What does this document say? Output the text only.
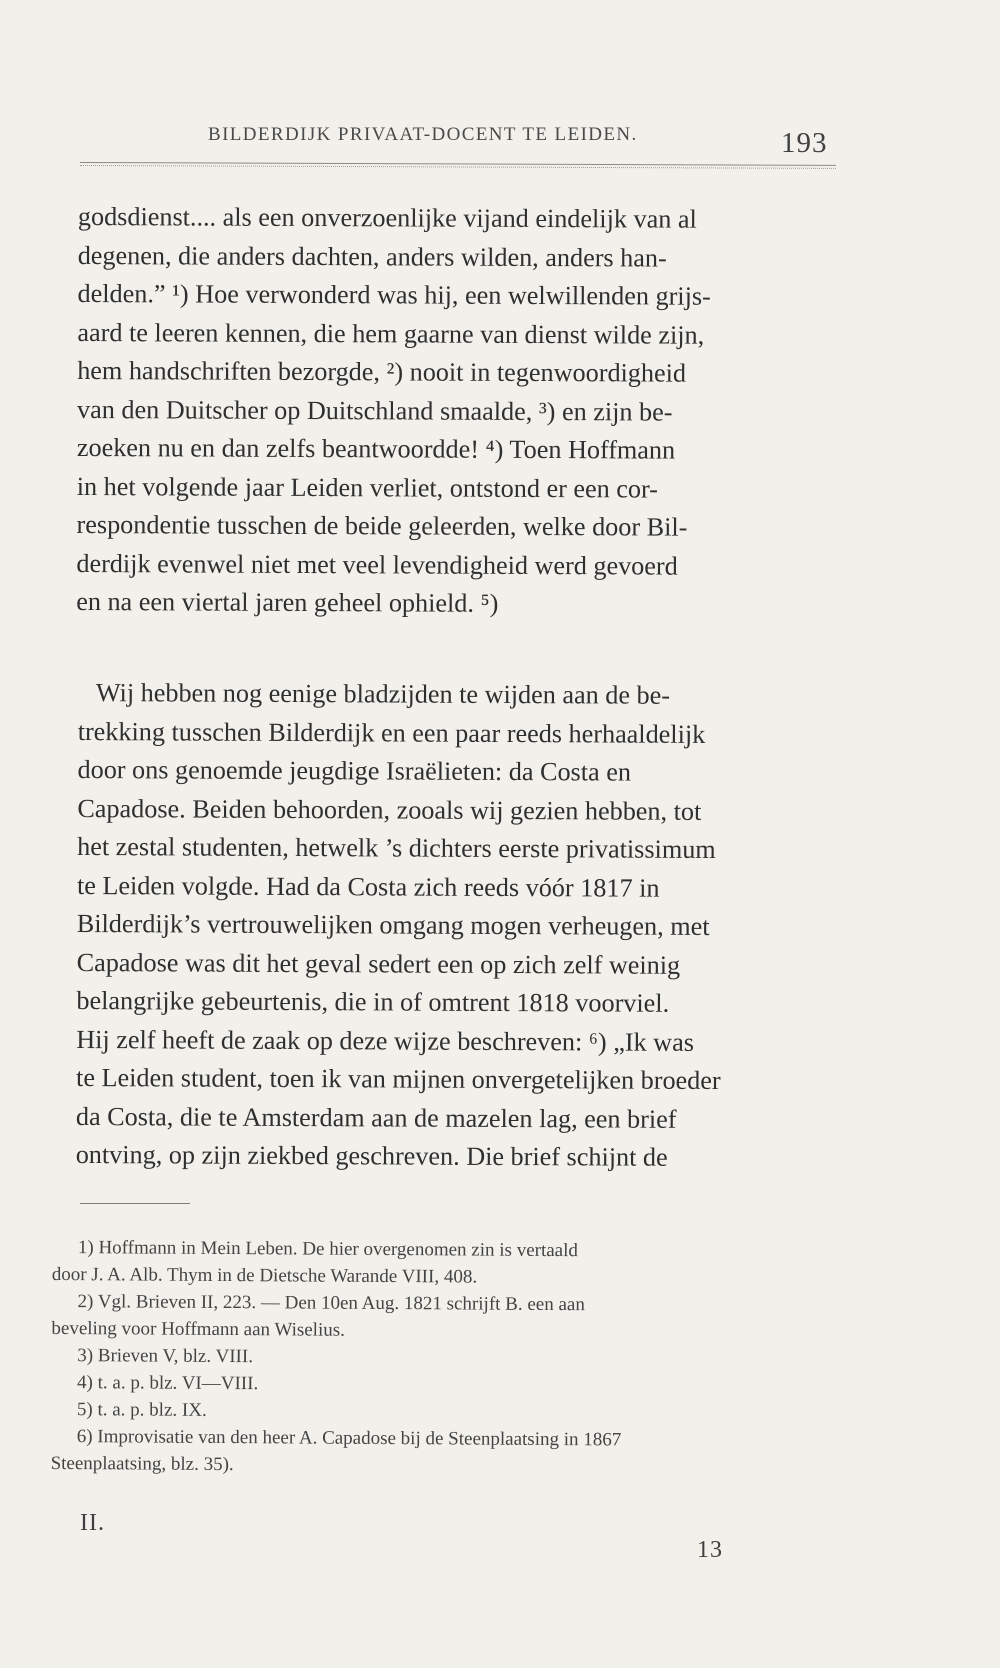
BILDERDIJK PRIVAAT-DOCENT TE LEIDEN.	193
godsdienst.... als een onverzoenlijke vijand eindelijk van al
degenen, die anders dachten, anders wilden, anders han-
delden.” ¹) Hoe verwonderd was hij, een welwillenden grijs-
aard te leeren kennen, die hem gaarne van dienst wilde zijn,
hem handschriften bezorgde, ²) nooit in tegenwoordigheid
van den Duitscher op Duitschland smaalde, ³) en zijn be-
zoeken nu en dan zelfs beantwoordde! ⁴) Toen Hoffmann
in het volgende jaar Leiden verliet, ontstond er een cor-
respondentie tusschen de beide geleerden, welke door Bil-
derdijk evenwel niet met veel levendigheid werd gevoerd
en na een viertal jaren geheel ophield. ⁵)
Wij hebben nog eenige bladzijden te wijden aan de be-
trekking tusschen Bilderdijk en een paar reeds herhaaldelijk
door ons genoemde jeugdige Israëlieten: da Costa en
Capadose. Beiden behoorden, zooals wij gezien hebben, tot
het zestal studenten, hetwelk ’s dichters eerste privatissimum
te Leiden volgde. Had da Costa zich reeds vóór 1817 in
Bilderdijk’s vertrouwelijken omgang mogen verheugen, met
Capadose was dit het geval sedert een op zich zelf weinig
belangrijke gebeurtenis, die in of omtrent 1818 voorviel.
Hij zelf heeft de zaak op deze wijze beschreven: ⁶) „Ik was
te Leiden student, toen ik van mijnen onvergetelijken broeder
da Costa, die te Amsterdam aan de mazelen lag, een brief
ontving, op zijn ziekbed geschreven. Die brief schijnt de
1) Hoffmann in Mein Leben. De hier overgenomen zin is vertaald
door J. A. Alb. Thym in de Dietsche Warande VIII, 408.
2) Vgl. Brieven II, 223. — Den 10en Aug. 1821 schrijft B. een aan
beveling voor Hoffmann aan Wiselius.
3) Brieven V, blz. VIII.
4) t. a. p. blz. VI—VIII.
5) t. a. p. blz. IX.
6) Improvisatie van den heer A. Capadose bij de Steenplaatsing in 1867
Steenplaatsing, blz. 35).
II.
13
